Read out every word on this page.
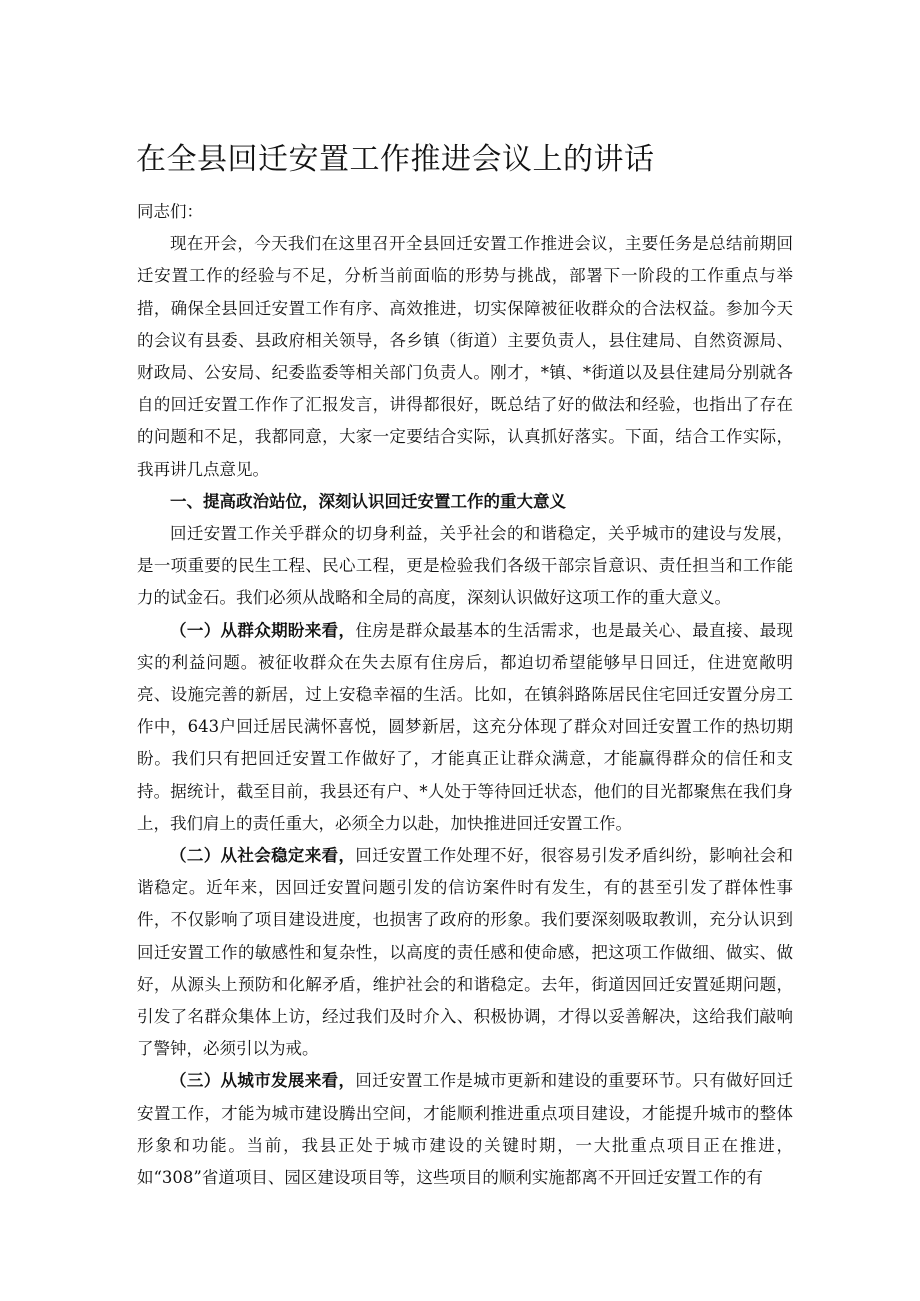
在全县回迁安置工作推进会议上的讲话

同志们：

现在开会，今天我们在这里召开全县回迁安置工作推进会议，主要任务是总结前期回迁安置工作的经验与不足，分析当前面临的形势与挑战，部署下一阶段的工作重点与举措，确保全县回迁安置工作有序、高效推进，切实保障被征收群众的合法权益。参加今天的会议有县委、县政府相关领导，各乡镇（街道）主要负责人，县住建局、自然资源局、财政局、公安局、纪委监委等相关部门负责人。刚才，*镇、*街道以及县住建局分别就各自的回迁安置工作作了汇报发言，讲得都很好，既总结了好的做法和经验，也指出了存在的问题和不足，我都同意，大家一定要结合实际，认真抓好落实。下面，结合工作实际，我再讲几点意见。

一、提高政治站位，深刻认识回迁安置工作的重大意义

回迁安置工作关乎群众的切身利益，关乎社会的和谐稳定，关乎城市的建设与发展，是一项重要的民生工程、民心工程，更是检验我们各级干部宗旨意识、责任担当和工作能力的试金石。我们必须从战略和全局的高度，深刻认识做好这项工作的重大意义。

（一）从群众期盼来看，住房是群众最基本的生活需求，也是最关心、最直接、最现实的利益问题。被征收群众在失去原有住房后，都迫切希望能够早日回迁，住进宽敞明亮、设施完善的新居，过上安稳幸福的生活。比如，在镇斜路陈居民住宅回迁安置分房工作中，643户回迁居民满怀喜悦，圆梦新居，这充分体现了群众对回迁安置工作的热切期盼。我们只有把回迁安置工作做好了，才能真正让群众满意，才能赢得群众的信任和支持。据统计，截至目前，我县还有户、*人处于等待回迁状态，他们的目光都聚焦在我们身上，我们肩上的责任重大，必须全力以赴，加快推进回迁安置工作。

（二）从社会稳定来看，回迁安置工作处理不好，很容易引发矛盾纠纷，影响社会和谐稳定。近年来，因回迁安置问题引发的信访案件时有发生，有的甚至引发了群体性事件，不仅影响了项目建设进度，也损害了政府的形象。我们要深刻吸取教训，充分认识到回迁安置工作的敏感性和复杂性，以高度的责任感和使命感，把这项工作做细、做实、做好，从源头上预防和化解矛盾，维护社会的和谐稳定。去年，街道因回迁安置延期问题，引发了名群众集体上访，经过我们及时介入、积极协调，才得以妥善解决，这给我们敲响了警钟，必须引以为戒。

（三）从城市发展来看，回迁安置工作是城市更新和建设的重要环节。只有做好回迁安置工作，才能为城市建设腾出空间，才能顺利推进重点项目建设，才能提升城市的整体形象和功能。当前，我县正处于城市建设的关键时期，一大批重点项目正在推进，如“308”省道项目、园区建设项目等，这些项目的顺利实施都离不开回迁安置工作的有
